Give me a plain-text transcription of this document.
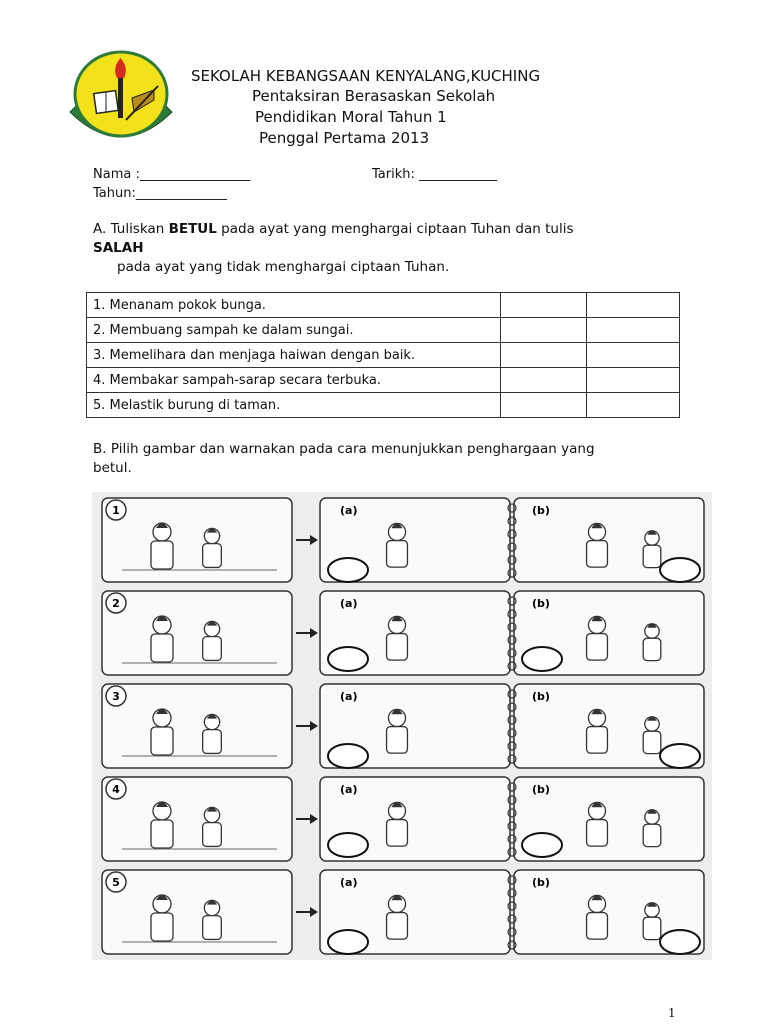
SEKOLAH KEBANGSAAN KENYALANG,KUCHING
Pentaksiran Berasaskan Sekolah
Pendidikan Moral Tahun 1
Penggal Pertama 2013
Nama :_________________	Tarikh: ____________
Tahun:______________
A. Tuliskan BETUL pada ayat yang menghargai ciptaan Tuhan dan tulis
SALAH
pada ayat yang tidak menghargai ciptaan Tuhan.
1. Menanam pokok bunga.		
2. Membuang sampah ke dalam sungai.		
3. Memelihara dan menjaga haiwan dengan baik.		
4. Membakar sampah-sarap secara terbuka.		
5. Melastik burung di taman.		
B. Pilih gambar dan warnakan pada cara menunjukkan penghargaan yang
betul.
1	(a)	(b)
2	(a)	(b)
3	(a)	(b)
4	(a)	(b)
5	(a)	(b)
1
